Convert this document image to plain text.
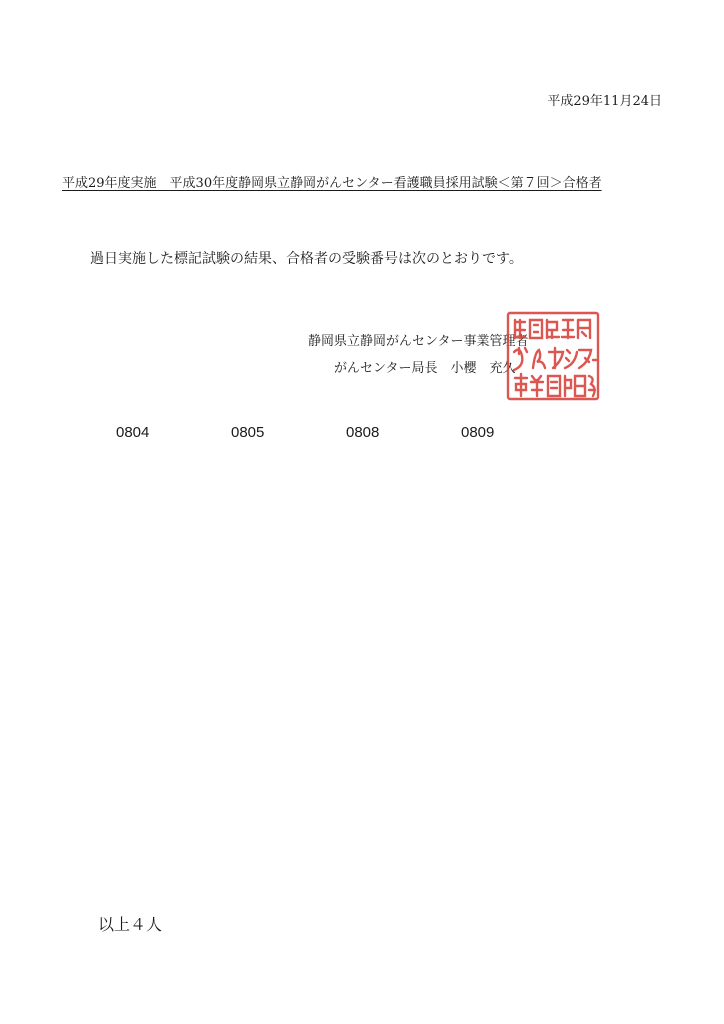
平成29年11月24日
平成29年度実施　平成30年度静岡県立静岡がんセンター看護職員採用試験＜第７回＞合格者
過日実施した標記試験の結果、合格者の受験番号は次のとおりです。
静岡県立静岡がんセンター事業管理者
がんセンター局長　小櫻　充久
0804	0805	0808	0809
以上４人
